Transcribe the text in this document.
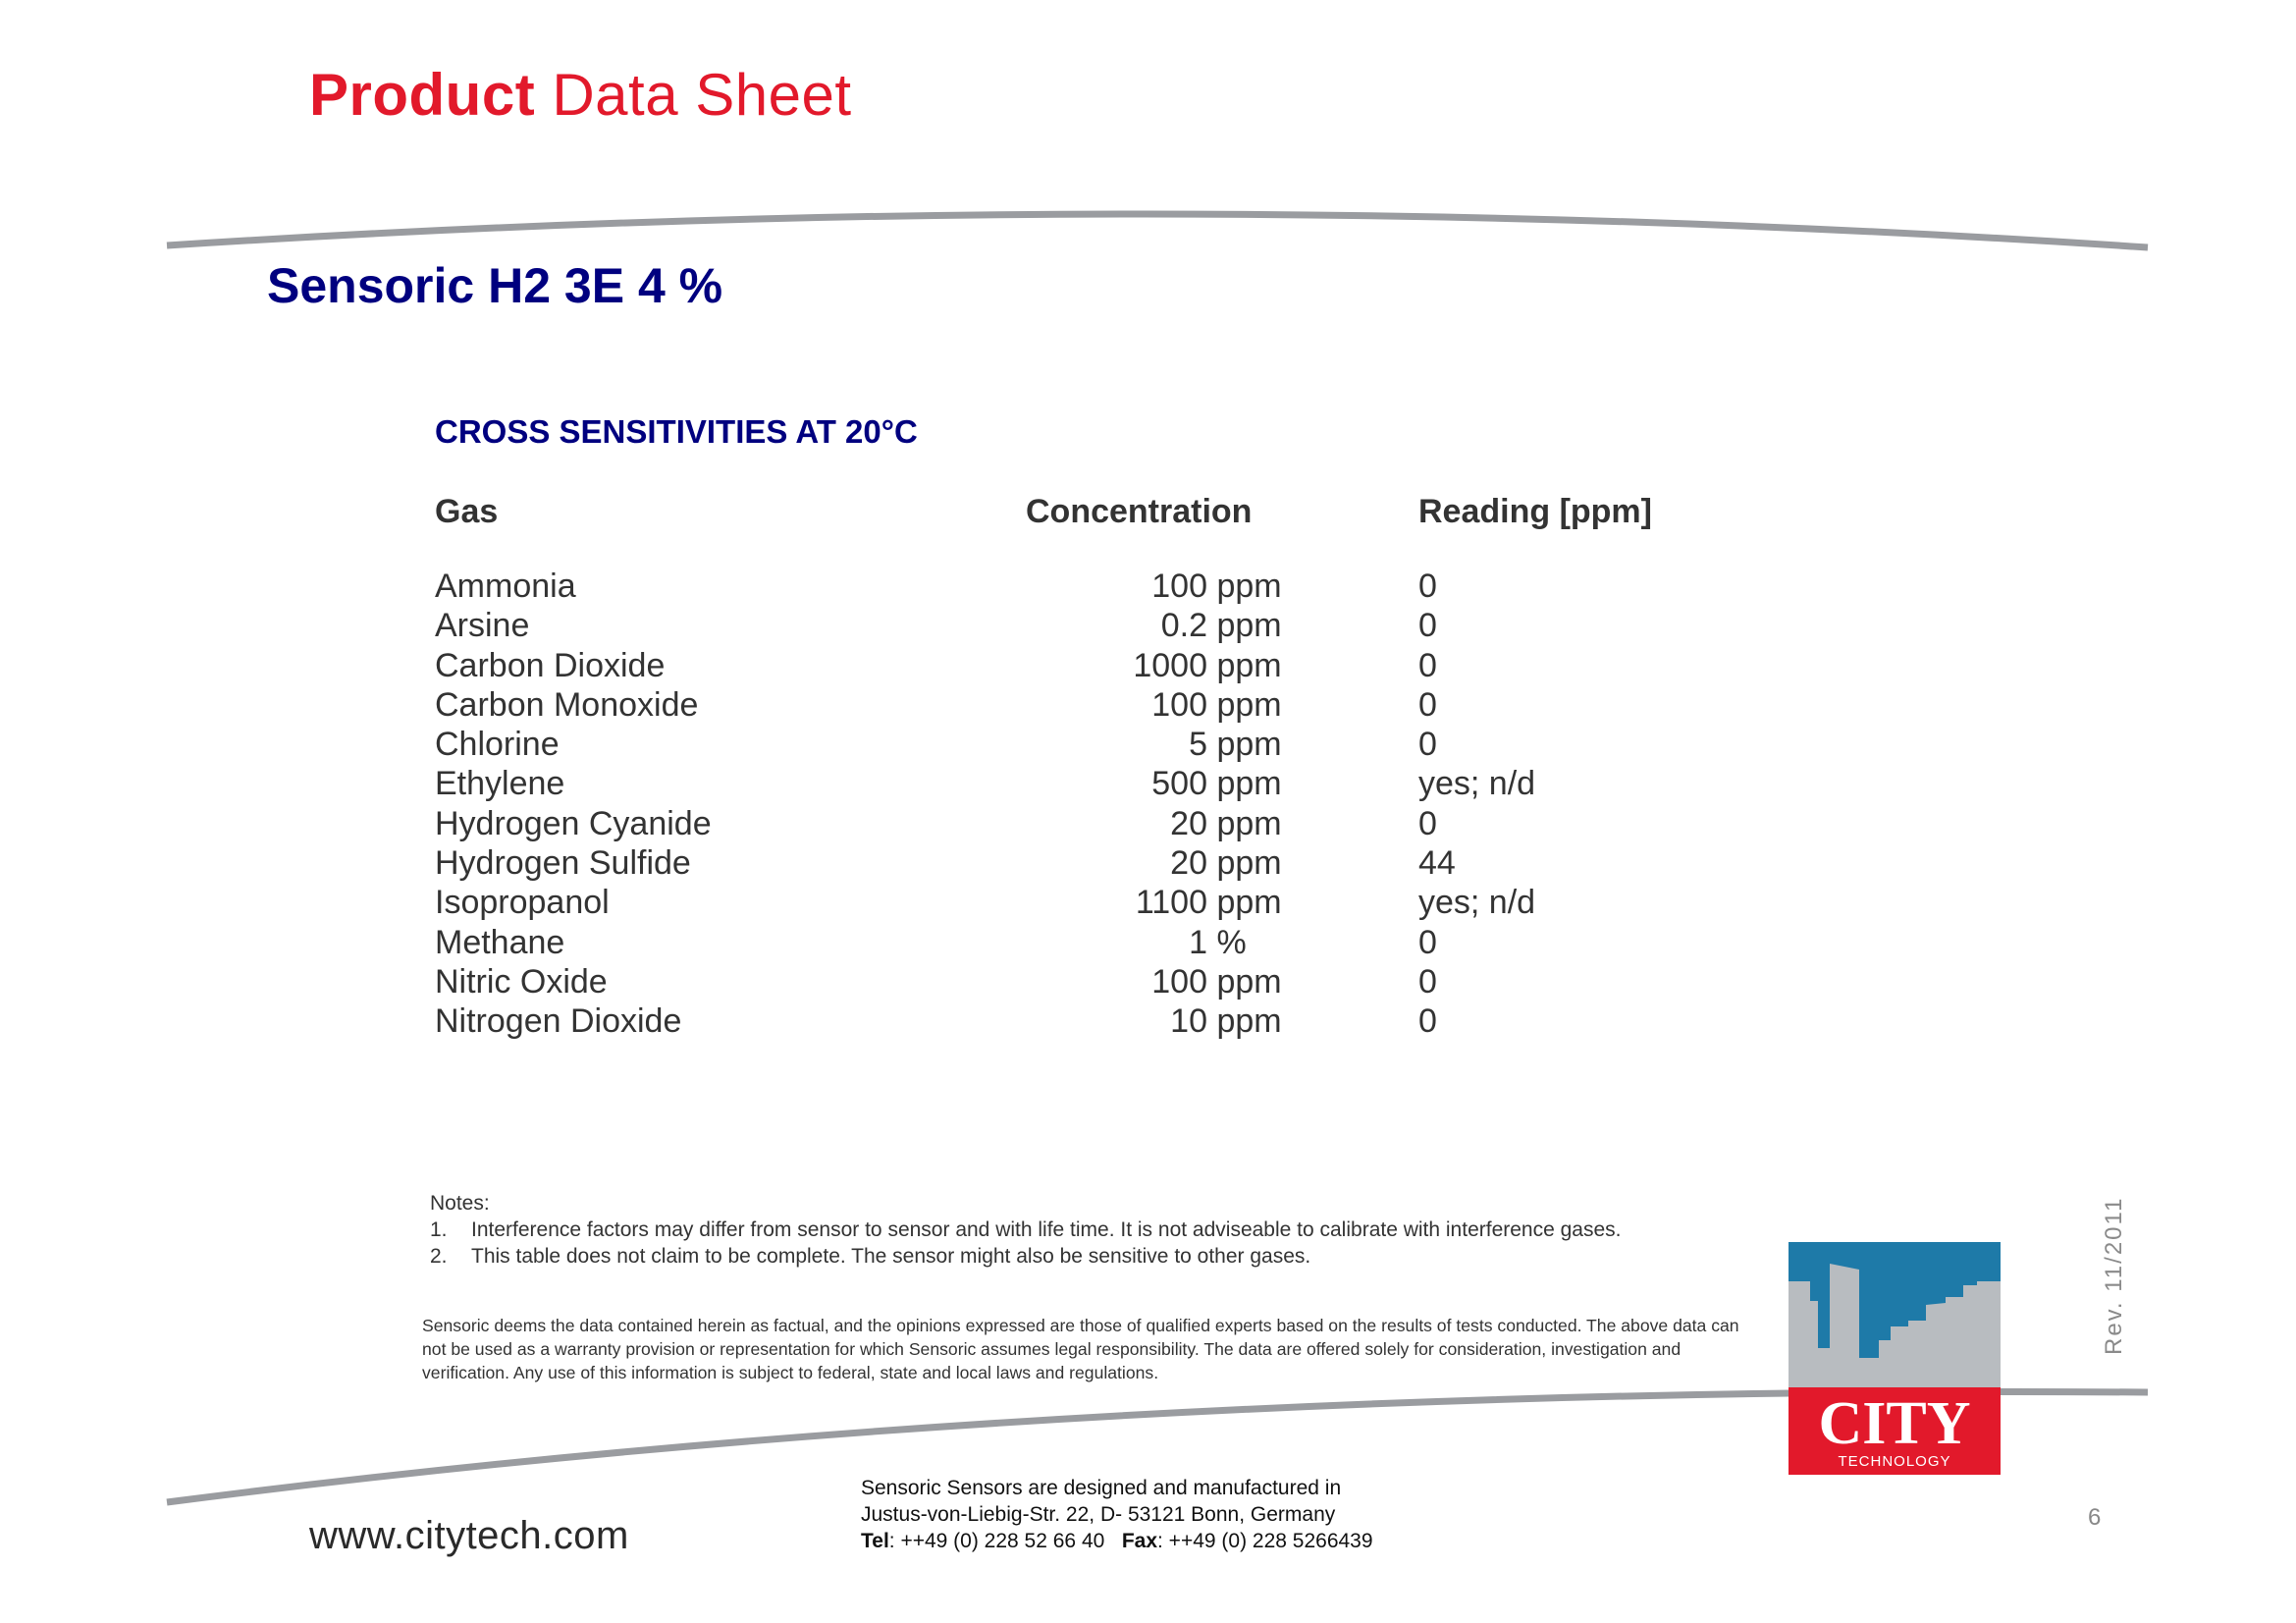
Product Data Sheet
Sensoric H2 3E 4 %
CROSS SENSITIVITIES AT 20°C
Gas	Concentration	Reading [ppm]
Ammonia	100 ppm	0
Arsine	0.2 ppm	0
Carbon Dioxide	1000 ppm	0
Carbon Monoxide	100 ppm	0
Chlorine	5 ppm	0
Ethylene	500 ppm	yes; n/d
Hydrogen Cyanide	20 ppm	0
Hydrogen Sulfide	20 ppm	44
Isopropanol	1100 ppm	yes; n/d
Methane	1 %	0
Nitric Oxide	100 ppm	0
Nitrogen Dioxide	10 ppm	0
Notes:
1. Interference factors may differ from sensor to sensor and with life time. It is not adviseable to calibrate with interference gases.
2. This table does not claim to be complete. The sensor might also be sensitive to other gases.
Sensoric deems the data contained herein as factual, and the opinions expressed are those of qualified experts based on the results of tests conducted. The above data can not be used as a warranty provision or representation for which Sensoric assumes legal responsibility. The data are offered solely for consideration, investigation and verification. Any use of this information is subject to federal, state and local laws and regulations.
CITY
TECHNOLOGY
Rev. 11/2011
www.citytech.com
Sensoric Sensors are designed and manufactured in
Justus-von-Liebig-Str. 22, D- 53121 Bonn, Germany
Tel: ++49 (0) 228 52 66 40 Fax: ++49 (0) 228 5266439
6
